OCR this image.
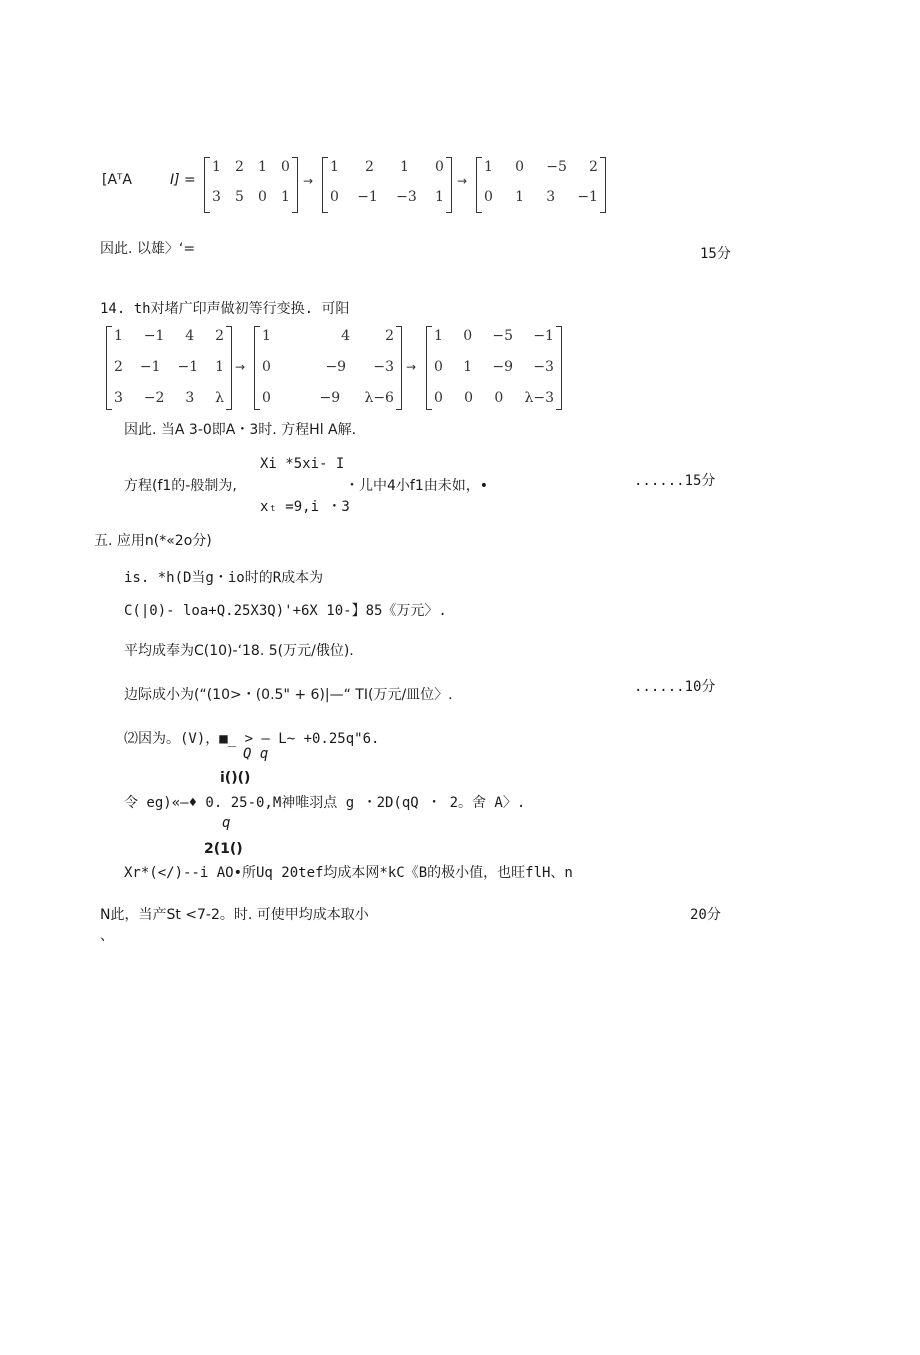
[AᵀA	I] =
1 2 1 0
3 5 0 1
→
1 2 1 0
0 −1 −3 1
→
1 0 −5 2
0 1 3 −1
因此. 以雄〉‘=	15分
14. th对堵广印声做初等行变换. 可阳
1 −1 4 2
2 −1 −1 1
3 −2 3 λ
→
1	4	2
0	−9 −3
0	−9 λ−6
→
1 0 −5 −1
0 1 −9 −3
0 0 0 λ−3
因此. 当A 3-0即A・3时. 方程Hl A解.
Xi *5xi- I
方程(f1的-般制为,	・儿中4小f1由未如，•	......15分
xₜ =9,i ・3
五. 应用n(*«2o分)
is. *h(D当g・io时的R成本为
C(|0)- loa+Q.25X3Q)'+6X 10-】85《万元〉.
平均成奉为C(10)-‘18. 5(万元/俄位).
边际成小为(“(10>・(0.5" + 6)|—“ TI(万元/皿位〉.	......10分
⑵因为。(V)，■_ > — L~ +0.25q"6.
Q q
i()()
令 eg)«—♦ 0. 25-0,M神唯羽点 g ・2D(qQ ・ 2。舍 A〉.
q
2(1()
Xr*(</)--i AO•所Uq 20tef均成本网*kC《B的极小值，也旺flH、n
N此，当产St <7-2。时. 可使甲均成本取小	20分
、
